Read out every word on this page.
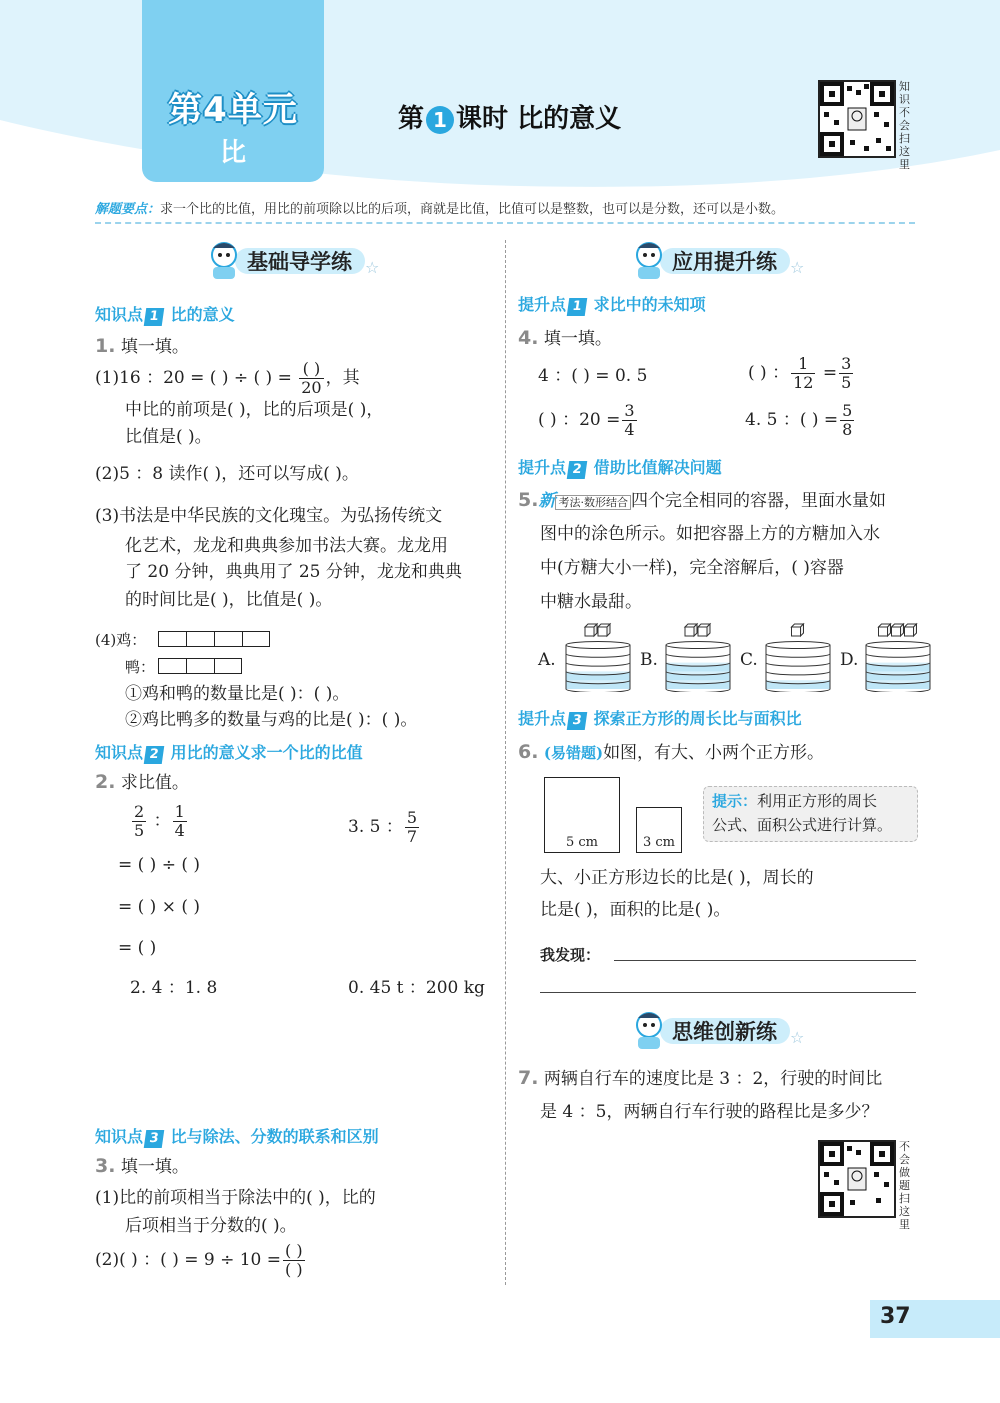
第4单元
比
第 1 课时 比的意义
知识不会扫这里
解题要点：求一个比的比值，用比的前项除以比的后项，商就是比值，比值可以是整数，也可以是分数，还可以是小数。
基础导学练 ☆
知识点 1 比的意义
1. 填一填。
(1)16 ：20 = ( ) ÷ ( ) = $\frac{( )}{20}$ ，其
中比的前项是( )，比的后项是( )，
比值是( )。
(2)5 ：8 读作( )，还可以写成( )。
(3)书法是中华民族的文化瑰宝。为弘扬传统文
化艺术，龙龙和典典参加书法大赛。龙龙用
了 20 分钟，典典用了 25 分钟，龙龙和典典
的时间比是( )，比值是( )。
(4)鸡：
鸭：
①鸡和鸭的数量比是( )：( )。
②鸡比鸭多的数量与鸡的比是( )：( )。
知识点 2 用比的意义求一个比的比值
2. 求比值。
$\frac{2}{5}$ ： $\frac{1}{4}$	3. 5 ： $\frac{5}{7}$
= ( ) ÷ ( )
= ( ) × ( )
= ( )
2. 4 ：1. 8	0. 45 t ：200 kg
知识点 3 比与除法、分数的联系和区别
3. 填一填。
(1)比的前项相当于除法中的( )，比的
后项相当于分数的( )。
(2)( ) ：( ) = $9 \div 10 = \frac{( )}{( )}$
应用提升练 ☆
提升点 1 求比中的未知项
4. 填一填。
4 ：( ) = 0. 5	( ) ： $\frac{1}{12} = \frac{3}{5}$
( ) ：$20 = \frac{3}{4}$	4. 5 ：( ) = $\frac{5}{8}$
提升点 2 借助比值解决问题
5.新 考法·数形结合 四个完全相同的容器，里面水量如
图中的涂色所示。如把容器上方的方糖加入水
中(方糖大小一样)，完全溶解后，( )容器
中糖水最甜。
A.	B.	C.	D.
提升点 3 探索正方形的周长比与面积比
6. (易错题)如图，有大、小两个正方形。
5 cm	3 cm
提示：利用正方形的周长
公式、面积公式进行计算。
大、小正方形边长的比是( )，周长的
比是( )，面积的比是( )。
我发现：
思维创新练 ☆
7. 两辆自行车的速度比是 3 ：2，行驶的时间比
是 4 ：5，两辆自行车行驶的路程比是多少？
不会做题扫这里
37
